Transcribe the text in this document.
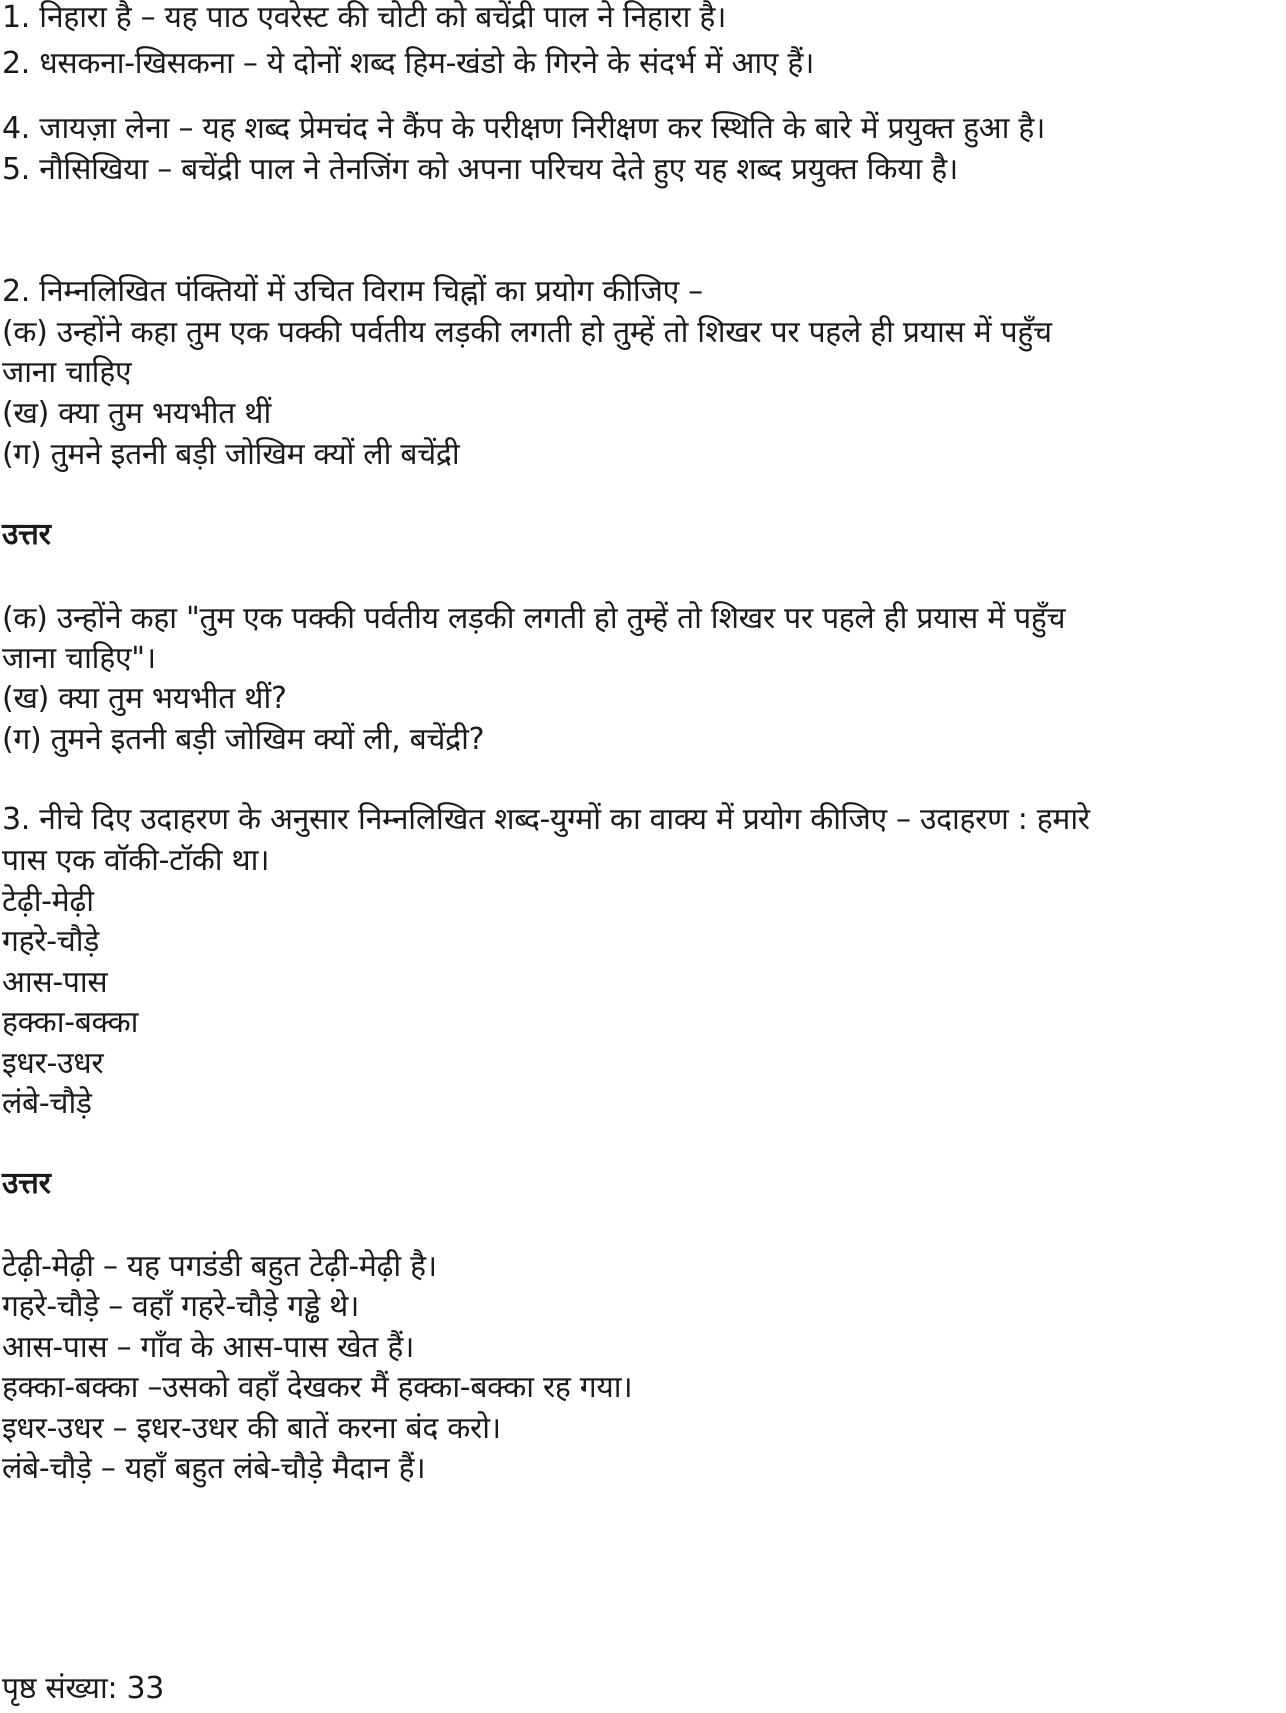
1. निहारा है – यह पाठ एवरेस्ट की चोटी को बचेंद्री पाल ने निहारा है।
2. धसकना-खिसकना – ये दोनों शब्द हिम-खंडो के गिरने के संदर्भ में आए हैं।
4. जायज़ा लेना – यह शब्द प्रेमचंद ने कैंप के परीक्षण निरीक्षण कर स्थिति के बारे में प्रयुक्त हुआ है।
5. नौसिखिया – बचेंद्री पाल ने तेनजिंग को अपना परिचय देते हुए यह शब्द प्रयुक्त किया है।
2. निम्नलिखित पंक्तियों में उचित विराम चिह्नों का प्रयोग कीजिए –
(क) उन्होंने कहा तुम एक पक्की पर्वतीय लड़की लगती हो तुम्हें तो शिखर पर पहले ही प्रयास में पहुँच
जाना चाहिए
(ख) क्या तुम भयभीत थीं
(ग) तुमने इतनी बड़ी जोखिम क्यों ली बचेंद्री
उत्तर
(क) उन्होंने कहा "तुम एक पक्की पर्वतीय लड़की लगती हो तुम्हें तो शिखर पर पहले ही प्रयास में पहुँच
जाना चाहिए"।
(ख) क्या तुम भयभीत थीं?
(ग) तुमने इतनी बड़ी जोखिम क्यों ली, बचेंद्री?
3. नीचे दिए उदाहरण के अनुसार निम्नलिखित शब्द-युग्मों का वाक्य में प्रयोग कीजिए – उदाहरण : हमारे
पास एक वॉकी-टॉकी था।
टेढ़ी-मेढ़ी
गहरे-चौड़े
आस-पास
हक्का-बक्का
इधर-उधर
लंबे-चौड़े
उत्तर
टेढ़ी-मेढ़ी – यह पगडंडी बहुत टेढ़ी-मेढ़ी है।
गहरे-चौड़े – वहाँ गहरे-चौड़े गड्ढे थे।
आस-पास – गाँव के आस-पास खेत हैं।
हक्का-बक्का –उसको वहाँ देखकर मैं हक्का-बक्का रह गया।
इधर-उधर – इधर-उधर की बातें करना बंद करो।
लंबे-चौड़े – यहाँ बहुत लंबे-चौड़े मैदान हैं।
पृष्ठ संख्या: 33
